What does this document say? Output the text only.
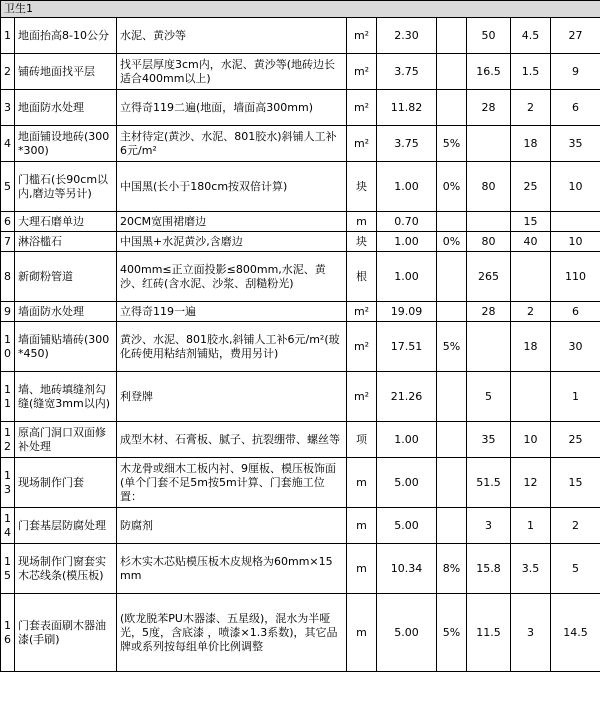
卫生1								
1	地面抬高8-10公分	水泥、黄沙等	m²	2.30		50	4.5	27
2	铺砖地面找平层	找平层厚度3cm内，水泥、黄沙等(地砖边长适合400mm以上)	m²	3.75		16.5	1.5	9
3	地面防水处理	立得奇119二遍(地面，墙面高300mm)	m²	11.82		28	2	6
4	地面铺设地砖(300*300)	主材待定(黄沙、水泥、801胶水)斜铺人工补6元/m²	m²	3.75	5%		18	35
5	门槛石(长90cm以内,磨边等另计)	中国黑(长小于180cm按双倍计算)	块	1.00	0%	80	25	10
6	大理石磨单边	20CM宽围裙磨边	m	0.70			15	
7	淋浴槛石	中国黑+水泥黄沙,含磨边	块	1.00	0%	80	40	10
8	新砌粉管道	400mm≤正立面投影≤800mm,水泥、黄沙、红砖(含水泥、沙浆、刮糙粉光)	根	1.00		265		110
9	墙面防水处理	立得奇119一遍	m²	19.09		28	2	6
10	墙面铺贴墙砖(300*450)	黄沙、水泥、801胶水,斜铺人工补6元/m²(玻化砖使用粘结剂铺贴，费用另计)	m²	17.51	5%		18	30
11	墙、地砖填缝剂勾缝(缝宽3mm以内)	利登牌	m²	21.26		5		1
12	原高门洞口双面修补处理	成型木材、石膏板、腻子、抗裂绷带、螺丝等	项	1.00		35	10	25
13	现场制作门套	木龙骨或细木工板内衬、9厘板、模压板饰面(单个门套不足5m按5m计算、门套施工位置：	m	5.00		51.5	12	15
14	门套基层防腐处理	防腐剂	m	5.00		3	1	2
15	现场制作门窗套实木芯线条(模压板)	杉木实木芯贴模压板木皮规格为60mm×15mm	m	10.34	8%	15.8	3.5	5
16	门套表面刷木器油漆(手刷)	(欧龙脱苯PU木器漆、五星级)，混水为半哑光，5度，含底漆 ，喷漆×1.3系数)，其它品牌或系列按每组单价比例调整	m	5.00	5%	11.5	3	14.5
